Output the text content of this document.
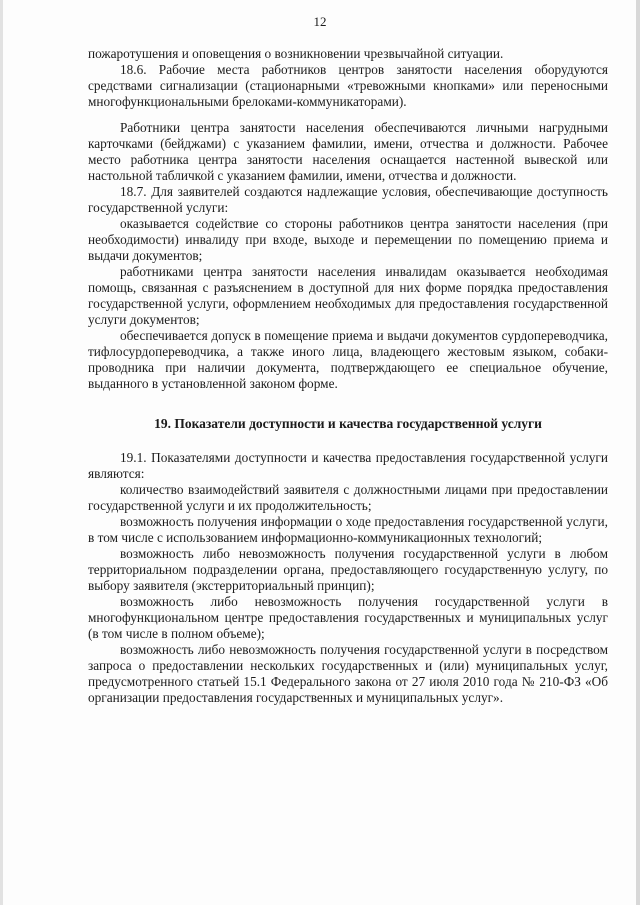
12

пожаротушения и оповещения о возникновении чрезвычайной ситуации.

18.6. Рабочие места работников центров занятости населения оборудуются средствами сигнализации (стационарными «тревожными кнопками» или переносными многофункциональными брелоками-коммуникаторами).

Работники центра занятости населения обеспечиваются личными нагрудными карточками (бейджами) с указанием фамилии, имени, отчества и должности. Рабочее место работника центра занятости населения оснащается настенной вывеской или настольной табличкой с указанием фамилии, имени, отчества и должности.

18.7. Для заявителей создаются надлежащие условия, обеспечивающие доступность государственной услуги:

оказывается содействие со стороны работников центра занятости населения (при необходимости) инвалиду при входе, выходе и перемещении по помещению приема и выдачи документов;

работниками центра занятости населения инвалидам оказывается необходимая помощь, связанная с разъяснением в доступной для них форме порядка предоставления государственной услуги, оформлением необходимых для предоставления государственной услуги документов;

обеспечивается допуск в помещение приема и выдачи документов сурдопереводчика, тифлосурдопереводчика, а также иного лица, владеющего жестовым языком, собаки-проводника при наличии документа, подтверждающего ее специальное обучение, выданного в установленной законом форме.

19. Показатели доступности и качества государственной услуги

19.1. Показателями доступности и качества предоставления государственной услуги являются:

количество взаимодействий заявителя с должностными лицами при предоставлении государственной услуги и их продолжительность;

возможность получения информации о ходе предоставления государственной услуги, в том числе с использованием информационно-коммуникационных технологий;

возможность либо невозможность получения государственной услуги в любом территориальном подразделении органа, предоставляющего государственную услугу, по выбору заявителя (экстерриториальный принцип);

возможность либо невозможность получения государственной услуги в многофункциональном центре предоставления государственных и муниципальных услуг (в том числе в полном объеме);

возможность либо невозможность получения государственной услуги в посредством запроса о предоставлении нескольких государственных и (или) муниципальных услуг, предусмотренного статьей 15.1 Федерального закона от 27 июля 2010 года № 210-ФЗ «Об организации предоставления государственных и муниципальных услуг».
